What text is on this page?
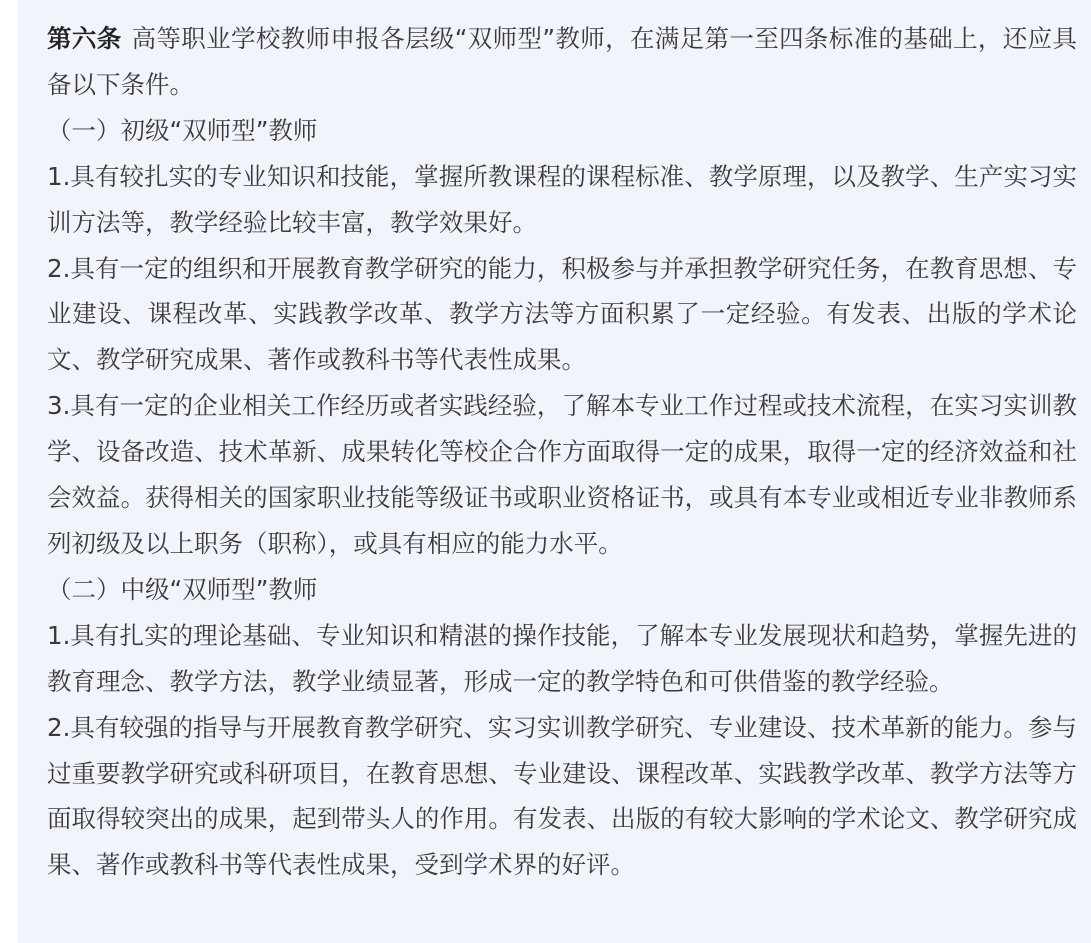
第六条 高等职业学校教师申报各层级“双师型”教师，在满足第一至四条标准的基础上，还应具备以下条件。

（一）初级“双师型”教师

1.具有较扎实的专业知识和技能，掌握所教课程的课程标准、教学原理，以及教学、生产实习实训方法等，教学经验比较丰富，教学效果好。

2.具有一定的组织和开展教育教学研究的能力，积极参与并承担教学研究任务，在教育思想、专业建设、课程改革、实践教学改革、教学方法等方面积累了一定经验。有发表、出版的学术论文、教学研究成果、著作或教科书等代表性成果。

3.具有一定的企业相关工作经历或者实践经验，了解本专业工作过程或技术流程，在实习实训教学、设备改造、技术革新、成果转化等校企合作方面取得一定的成果，取得一定的经济效益和社会效益。获得相关的国家职业技能等级证书或职业资格证书，或具有本专业或相近专业非教师系列初级及以上职务（职称），或具有相应的能力水平。

（二）中级“双师型”教师

1.具有扎实的理论基础、专业知识和精湛的操作技能，了解本专业发展现状和趋势，掌握先进的教育理念、教学方法，教学业绩显著，形成一定的教学特色和可供借鉴的教学经验。

2.具有较强的指导与开展教育教学研究、实习实训教学研究、专业建设、技术革新的能力。参与过重要教学研究或科研项目，在教育思想、专业建设、课程改革、实践教学改革、教学方法等方面取得较突出的成果，起到带头人的作用。有发表、出版的有较大影响的学术论文、教学研究成果、著作或教科书等代表性成果，受到学术界的好评。
